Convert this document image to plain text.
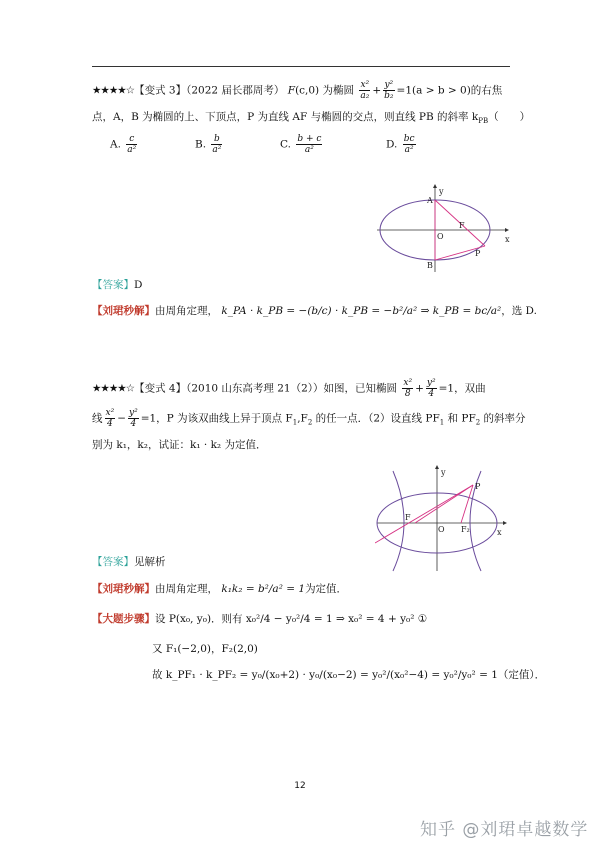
★★★★☆【变式 3】（2022 届长郡周考） F(c,0) 为椭圆 $\frac{\text{x²}}{\text{a₂}} + \frac{\text{y²}}{\text{b₂}} =1(a > b > 0)$的右焦
点，A，B 为椭圆的上、下顶点，P 为直线 AF 与椭圆的交点，则直线 PB 的斜率 $k_{PB}$（　　）
A. $\frac{c}{\text{a²}}$	B. $\frac{b}{\text{a²}}$	C. $\frac{b + c}{\text{a²}}$	D. $\frac{bc}{\text{a²}}$
y
x
O
A
B
F
P
【答案】D
【刘珺秒解】由周角定理， k_PA · k_PB = −(b/c) · k_PB = −b²/a² ⇒ k_PB = bc/a²，选 D.
★★★★☆【变式 4】（2010 山东高考理 21（2））如图，已知椭圆 $\frac{\text{x²}}{8} + \frac{\text{y²}}{4} =1$，双曲
线 $\frac{\text{x²}}{4} - \frac{\text{y²}}{4} =1$，P 为该双曲线上异于顶点 $F_1,F_2$ 的任一点．（2）设直线 $PF_1$ 和 $PF_2$ 的斜率分
别为 k₁，k₂，试证：k₁ · k₂ 为定值．
y
x
O
F
F₂
P
【答案】见解析
【刘珺秒解】由周角定理， k₁k₂ = b²/a² = 1为定值．
【大题步骤】设 P(x₀, y₀)．则有 x₀²/4 − y₀²/4 = 1 ⇒ x₀² = 4 + y₀² ①
又 F₁(−2,0)，F₂(2,0)
故 k_PF₁ · k_PF₂ = y₀/(x₀+2) · y₀/(x₀−2) = y₀²/(x₀²−4) = y₀²/y₀² = 1（定值）．
12
知乎 @刘珺卓越数学
